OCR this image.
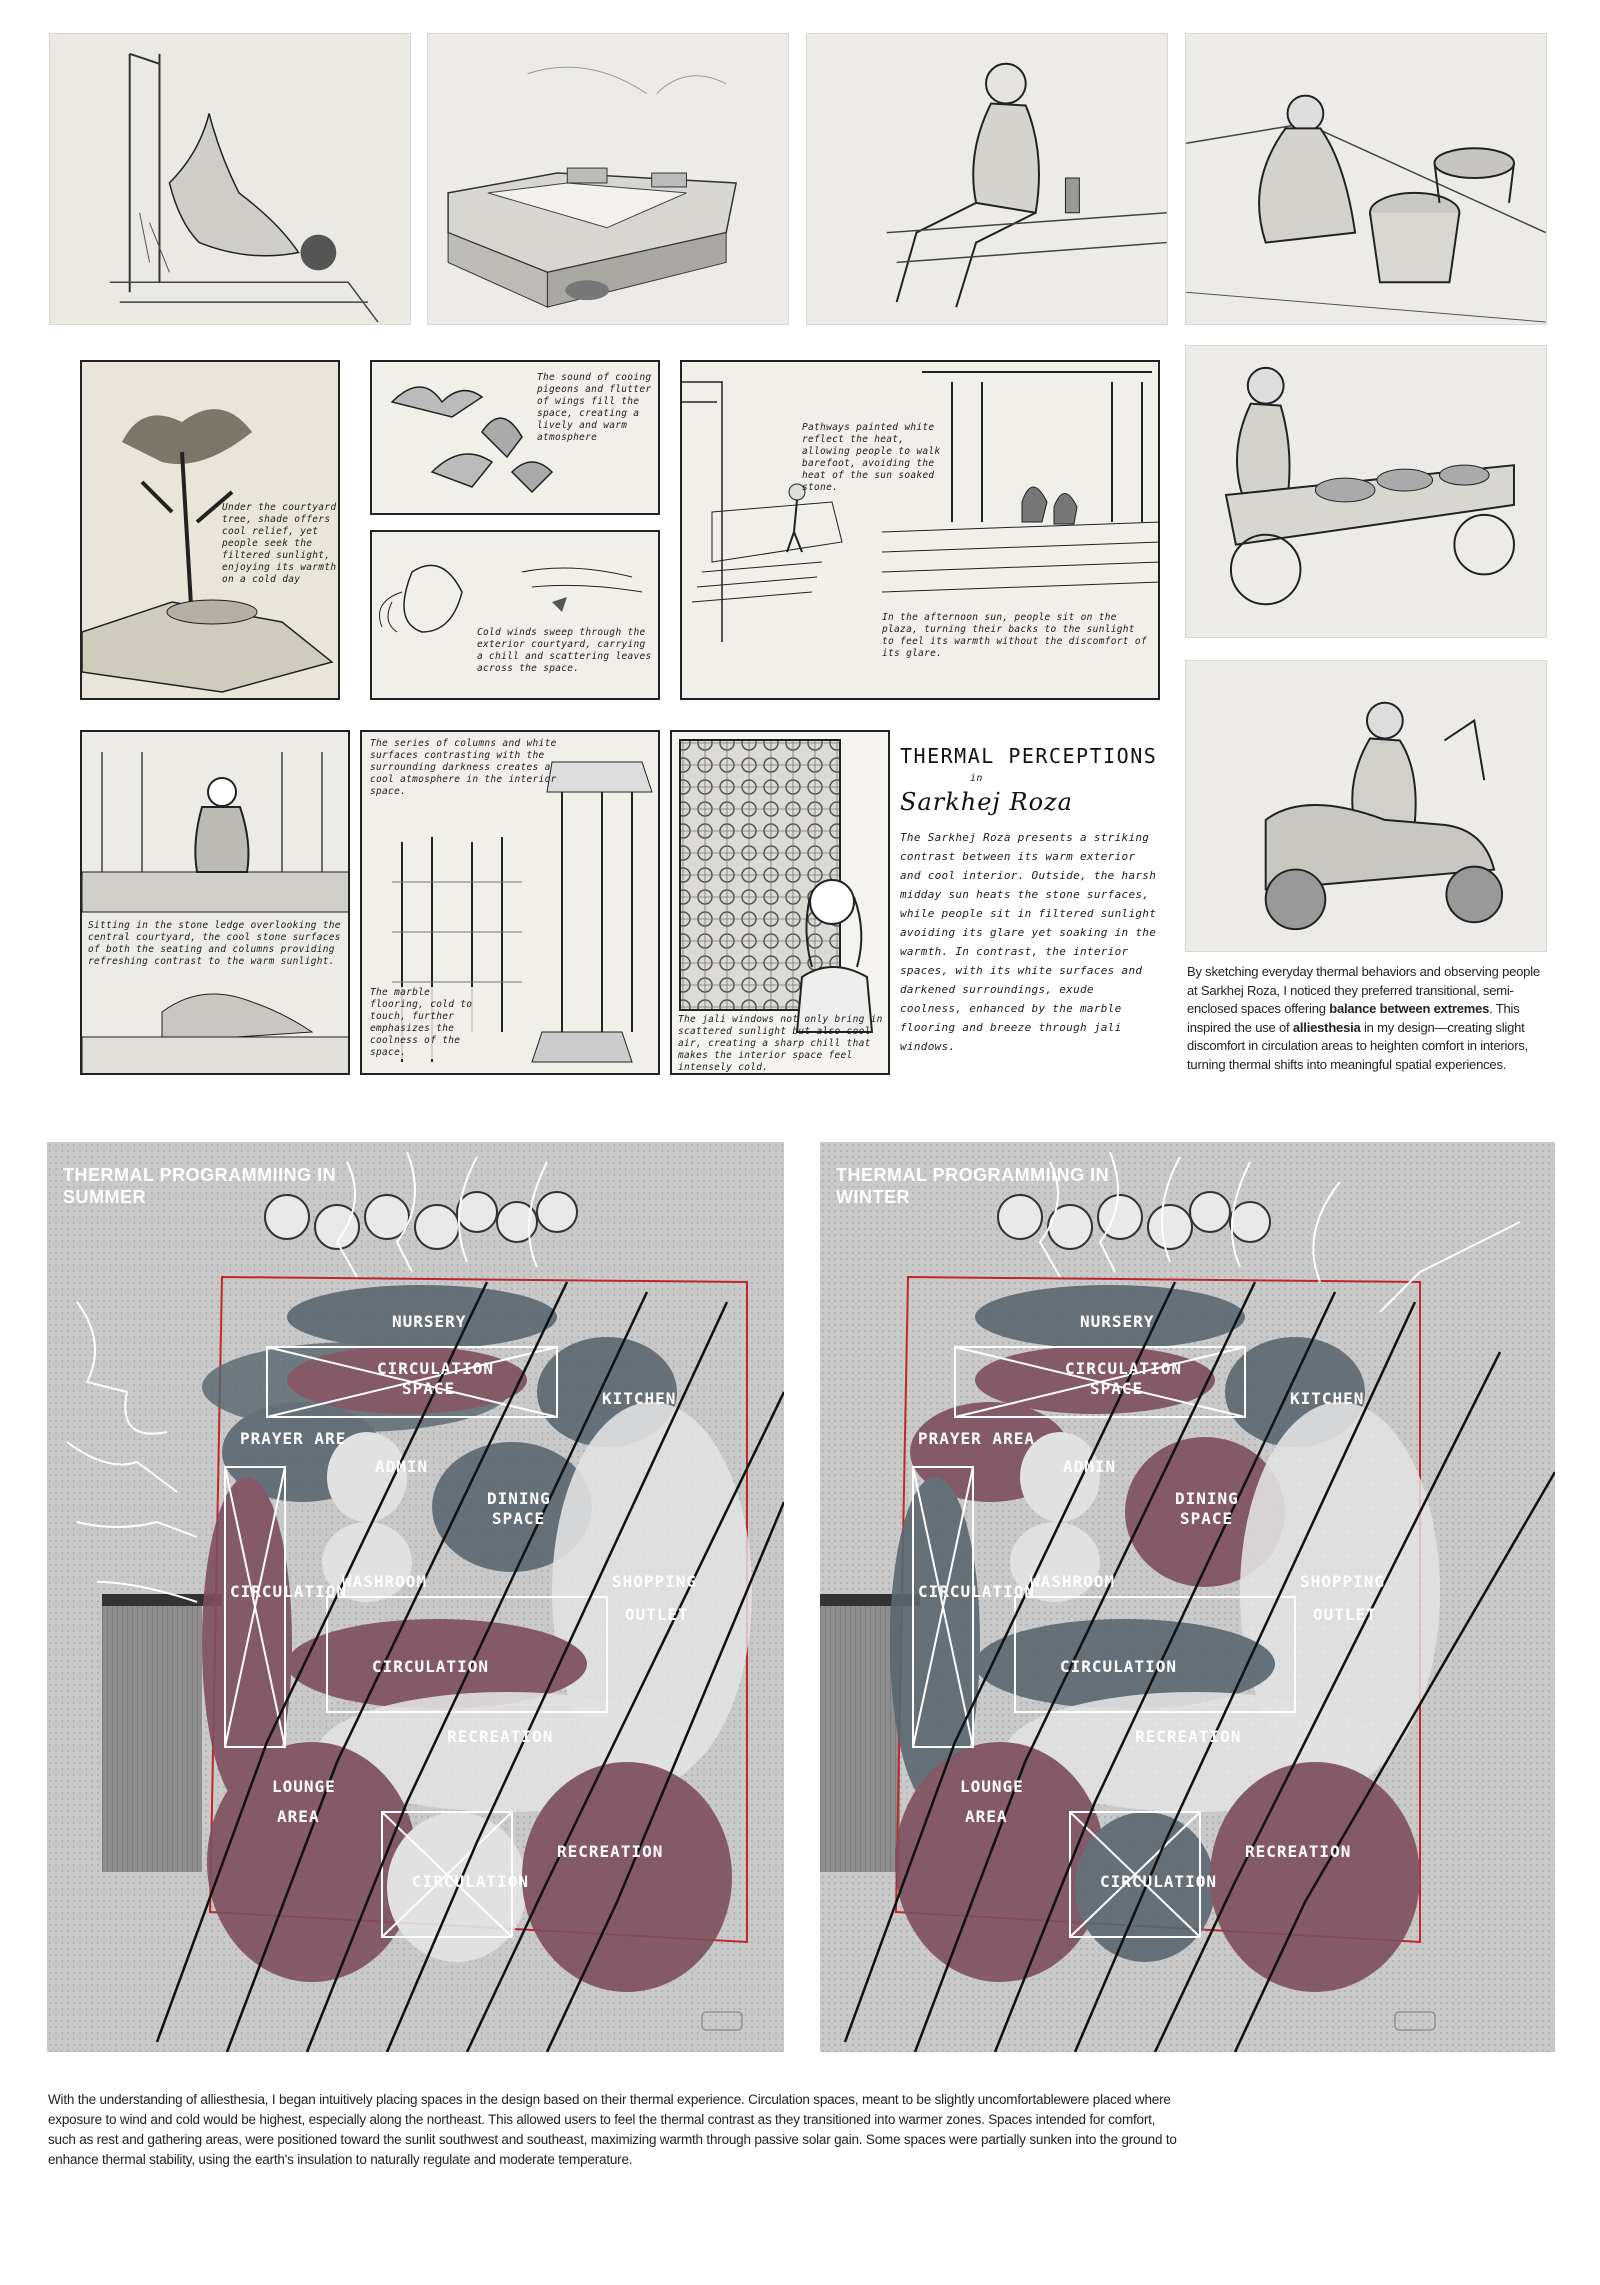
By sketching everyday thermal behaviors and observing people at Sarkhej Roza, I noticed they preferred transitional, semi-enclosed spaces offering balance between extremes. This inspired the use of alliesthesia in my design—creating slight discomfort in circulation areas to heighten comfort in interiors, turning thermal shifts into meaningful spatial experiences.
Under the courtyard tree, shade offers cool relief, yet people seek the filtered sunlight, enjoying its warmth on a cold day
The sound of cooing pigeons and flutter of wings fill the space, creating a lively and warm atmosphere
Cold winds sweep through the exterior courtyard, carrying a chill and scattering leaves across the space.
Pathways painted white reflect the heat, allowing people to walk barefoot, avoiding the heat of the sun soaked stone.
In the afternoon sun, people sit on the plaza, turning their backs to the sunlight to feel its warmth without the discomfort of its glare.
Sitting in the stone ledge overlooking the central courtyard, the cool stone surfaces of both the seating and columns providing refreshing contrast to the warm sunlight.
The series of columns and white surfaces contrasting with the surrounding darkness creates a cool atmosphere in the interior space.
The marble flooring, cold to touch, further emphasizes the coolness of the space.
The jali windows not only bring in scattered sunlight but also cool air, creating a sharp chill that makes the interior space feel intensely cold.
THERMAL PERCEPTIONS
in
Sarkhej Roza
The Sarkhej Roza presents a striking contrast between its warm exterior and cool interior. Outside, the harsh midday sun heats the stone surfaces, while people sit in filtered sunlight avoiding its glare yet soaking in the warmth. In contrast, the interior spaces, with its white surfaces and darkened surroundings, exude coolness, enhanced by the marble flooring and breeze through jali windows.
NURSERY
CIRCULATION
SPACE
KITCHEN
PRAYER ARE
ADMIN
DINING
SPACE
CIRCULATION
WASHROOM	SHOPPING
OUTLET
CIRCULATION
RECREATION
LOUNGE
AREA
CIRCULATION
RECREATION
THERMAL PROGRAMMIING IN
SUMMER
NURSERY
CIRCULATION
SPACE
KITCHEN
PRAYER AREA
ADMIN
DINING
SPACE
CIRCULATION
WASHROOM	SHOPPING
OUTLET
CIRCULATION
RECREATION
LOUNGE
AREA
CIRCULATION
RECREATION
THERMAL PROGRAMMIING IN
WINTER
With the understanding of alliesthesia, I began intuitively placing spaces in the design based on their thermal experience. Circulation spaces, meant to be slightly uncomfortablewere placed where exposure to wind and cold would be highest, especially along the northeast. This allowed users to feel the thermal contrast as they transitioned into warmer zones. Spaces intended for comfort, such as rest and gathering areas, were positioned toward the sunlit southwest and southeast, maximizing warmth through passive solar gain. Some spaces were partially sunken into the ground to enhance thermal stability, using the earth's insulation to naturally regulate and moderate temperature.
